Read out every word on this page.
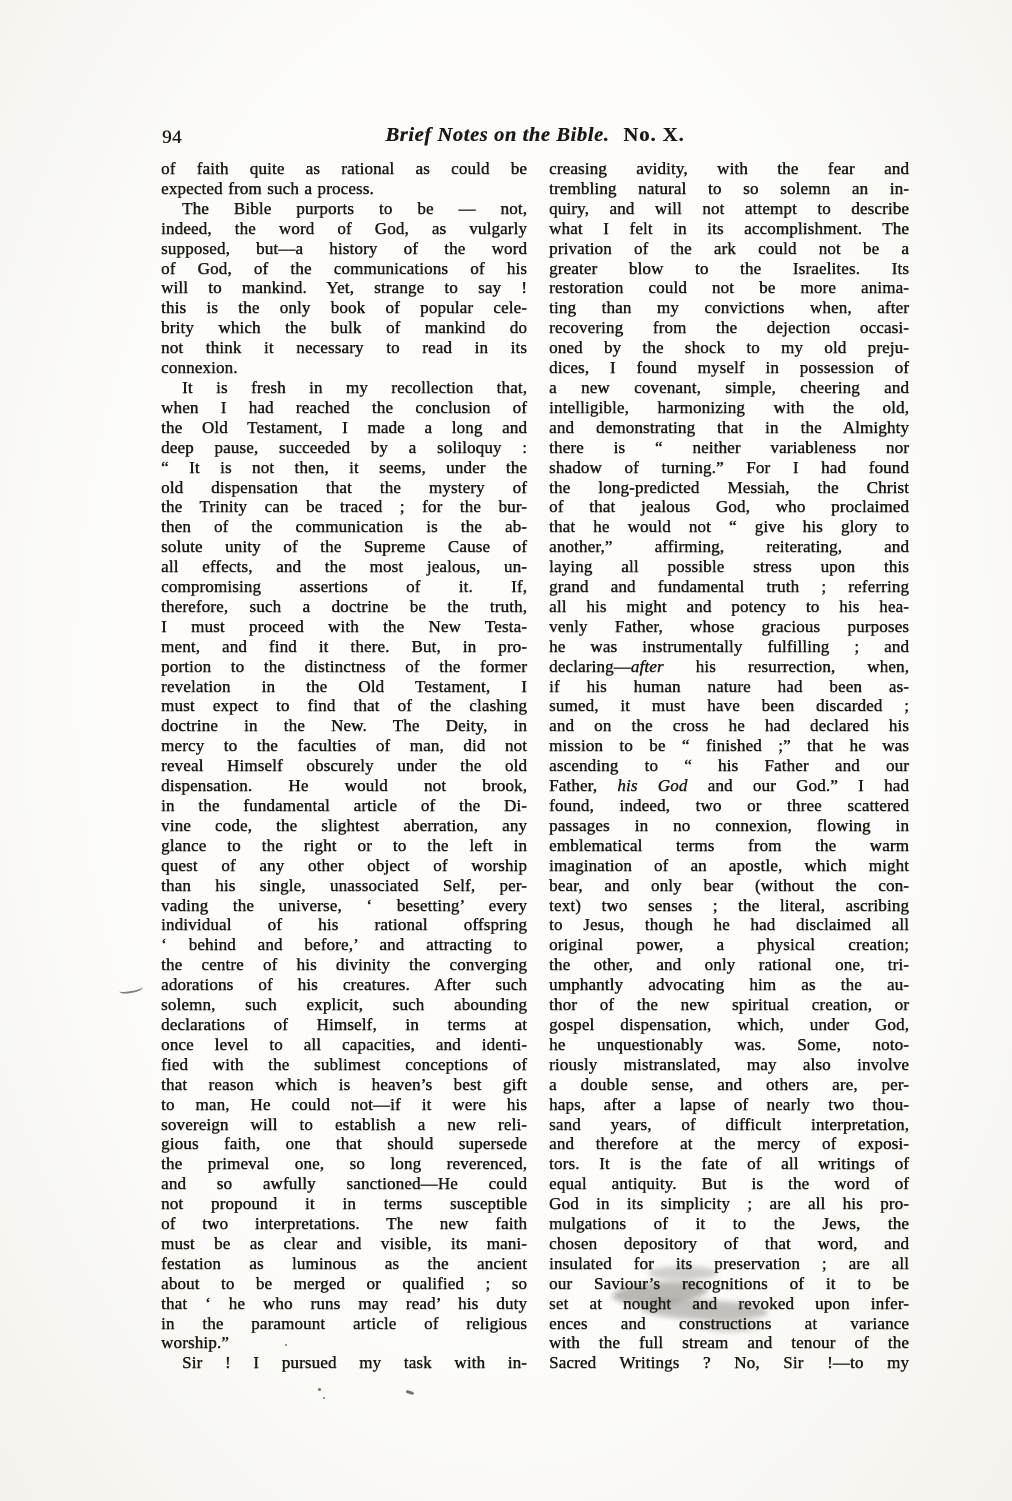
94	Brief Notes on the Bible. No. X.
of faith quite as rational as could be
expected from such a process.
The Bible purports to be — not,
indeed, the word of God, as vulgarly
supposed, but—a history of the word
of God, of the communications of his
will to mankind. Yet, strange to say !
this is the only book of popular cele-
brity which the bulk of mankind do
not think it necessary to read in its
connexion.
It is fresh in my recollection that,
when I had reached the conclusion of
the Old Testament, I made a long and
deep pause, succeeded by a soliloquy :
“ It is not then, it seems, under the
old dispensation that the mystery of
the Trinity can be traced ; for the bur-
then of the communication is the ab-
solute unity of the Supreme Cause of
all effects, and the most jealous, un-
compromising assertions of it. If,
therefore, such a doctrine be the truth,
I must proceed with the New Testa-
ment, and find it there. But, in pro-
portion to the distinctness of the former
revelation in the Old Testament, I
must expect to find that of the clashing
doctrine in the New. The Deity, in
mercy to the faculties of man, did not
reveal Himself obscurely under the old
dispensation. He would not brook,
in the fundamental article of the Di-
vine code, the slightest aberration, any
glance to the right or to the left in
quest of any other object of worship
than his single, unassociated Self, per-
vading the universe, ‘ besetting’ every
individual of his rational offspring
‘ behind and before,’ and attracting to
the centre of his divinity the converging
adorations of his creatures. After such
solemn, such explicit, such abounding
declarations of Himself, in terms at
once level to all capacities, and identi-
fied with the sublimest conceptions of
that reason which is heaven’s best gift
to man, He could not—if it were his
sovereign will to establish a new reli-
gious faith, one that should supersede
the primeval one, so long reverenced,
and so awfully sanctioned—He could
not propound it in terms susceptible
of two interpretations. The new faith
must be as clear and visible, its mani-
festation as luminous as the ancient
about to be merged or qualified ; so
that ‘ he who runs may read’ his duty
in the paramount article of religious
worship.”
Sir ! I pursued my task with in-
creasing avidity, with the fear and
trembling natural to so solemn an in-
quiry, and will not attempt to describe
what I felt in its accomplishment. The
privation of the ark could not be a
greater blow to the Israelites. Its
restoration could not be more anima-
ting than my convictions when, after
recovering from the dejection occasi-
oned by the shock to my old preju-
dices, I found myself in possession of
a new covenant, simple, cheering and
intelligible, harmonizing with the old,
and demonstrating that in the Almighty
there is “ neither variableness nor
shadow of turning.” For I had found
the long-predicted Messiah, the Christ
of that jealous God, who proclaimed
that he would not “ give his glory to
another,” affirming, reiterating, and
laying all possible stress upon this
grand and fundamental truth ; referring
all his might and potency to his hea-
venly Father, whose gracious purposes
he was instrumentally fulfilling ; and
declaring—after his resurrection, when,
if his human nature had been as-
sumed, it must have been discarded ;
and on the cross he had declared his
mission to be “ finished ;” that he was
ascending to “ his Father and our
Father, his God and our God.” I had
found, indeed, two or three scattered
passages in no connexion, flowing in
emblematical terms from the warm
imagination of an apostle, which might
bear, and only bear (without the con-
text) two senses ; the literal, ascribing
to Jesus, though he had disclaimed all
original power, a physical creation;
the other, and only rational one, tri-
umphantly advocating him as the au-
thor of the new spiritual creation, or
gospel dispensation, which, under God,
he unquestionably was. Some, noto-
riously mistranslated, may also involve
a double sense, and others are, per-
haps, after a lapse of nearly two thou-
sand years, of difficult interpretation,
and therefore at the mercy of exposi-
tors. It is the fate of all writings of
equal antiquity. But is the word of
God in its simplicity ; are all his pro-
mulgations of it to the Jews, the
chosen depository of that word, and
insulated for its preservation ; are all
our Saviour’s recognitions of it to be
set at nought and revoked upon infer-
ences and constructions at variance
with the full stream and tenour of the
Sacred Writings ? No, Sir !—to my
